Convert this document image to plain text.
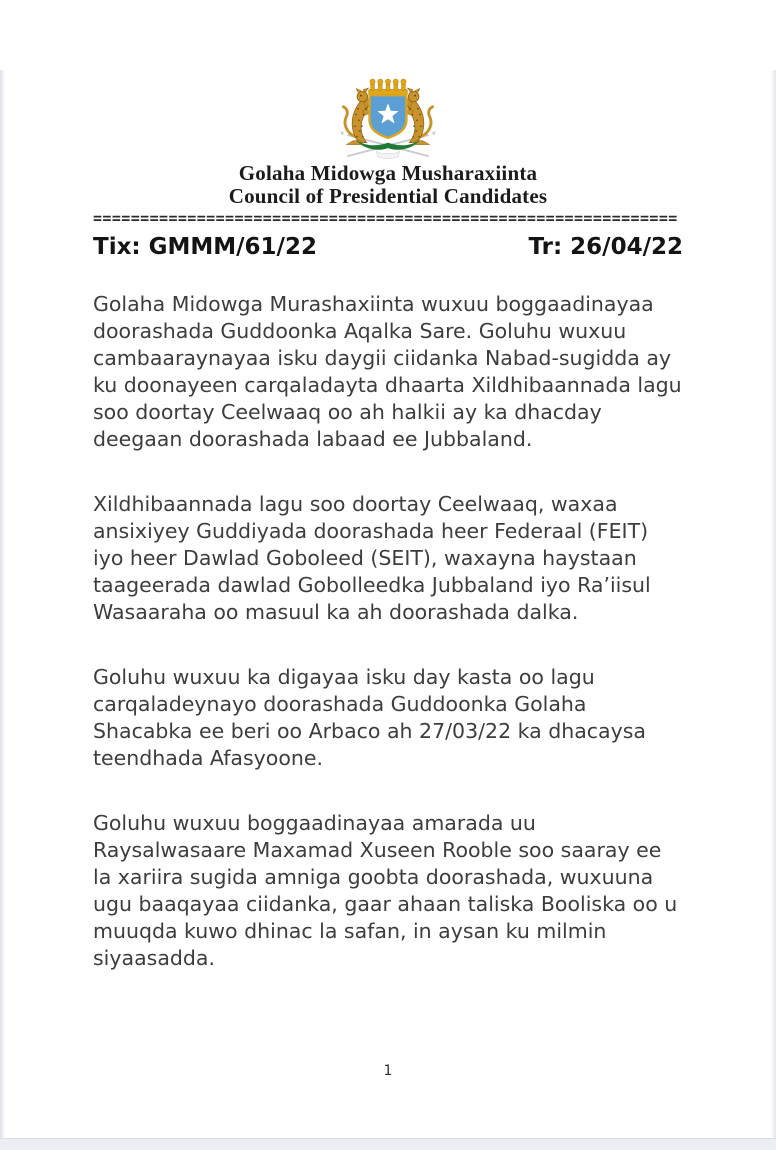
Golaha Midowga Musharaxiinta
Council of Presidential Candidates
==============================================================
Tix: GMMM/61/22	Tr: 26/04/22

Golaha Midowga Murashaxiinta wuxuu boggaadinayaa doorashada Guddoonka Aqalka Sare. Goluhu wuxuu cambaaraynayaa isku daygii ciidanka Nabad-sugidda ay ku doonayeen carqaladayta dhaarta Xildhibaannada lagu soo doortay Ceelwaaq oo ah halkii ay ka dhacday deegaan doorashada labaad ee Jubbaland.

Xildhibaannada lagu soo doortay Ceelwaaq, waxaa ansixiyey Guddiyada doorashada heer Federaal (FEIT) iyo heer Dawlad Goboleed (SEIT), waxayna haystaan taageerada dawlad Gobolleedka Jubbaland iyo Ra’iisul Wasaaraha oo masuul ka ah doorashada dalka.

Goluhu wuxuu ka digayaa isku day kasta oo lagu carqaladeynayo doorashada Guddoonka Golaha Shacabka ee beri oo Arbaco ah 27/03/22 ka dhacaysa teendhada Afasyoone.

Goluhu wuxuu boggaadinayaa amarada uu Raysalwasaare Maxamad Xuseen Rooble soo saaray ee la xariira sugida amniga goobta doorashada, wuxuuna ugu baaqayaa ciidanka, gaar ahaan taliska Booliska oo u muuqda kuwo dhinac la safan, in aysan ku milmin siyaasadda.

1
